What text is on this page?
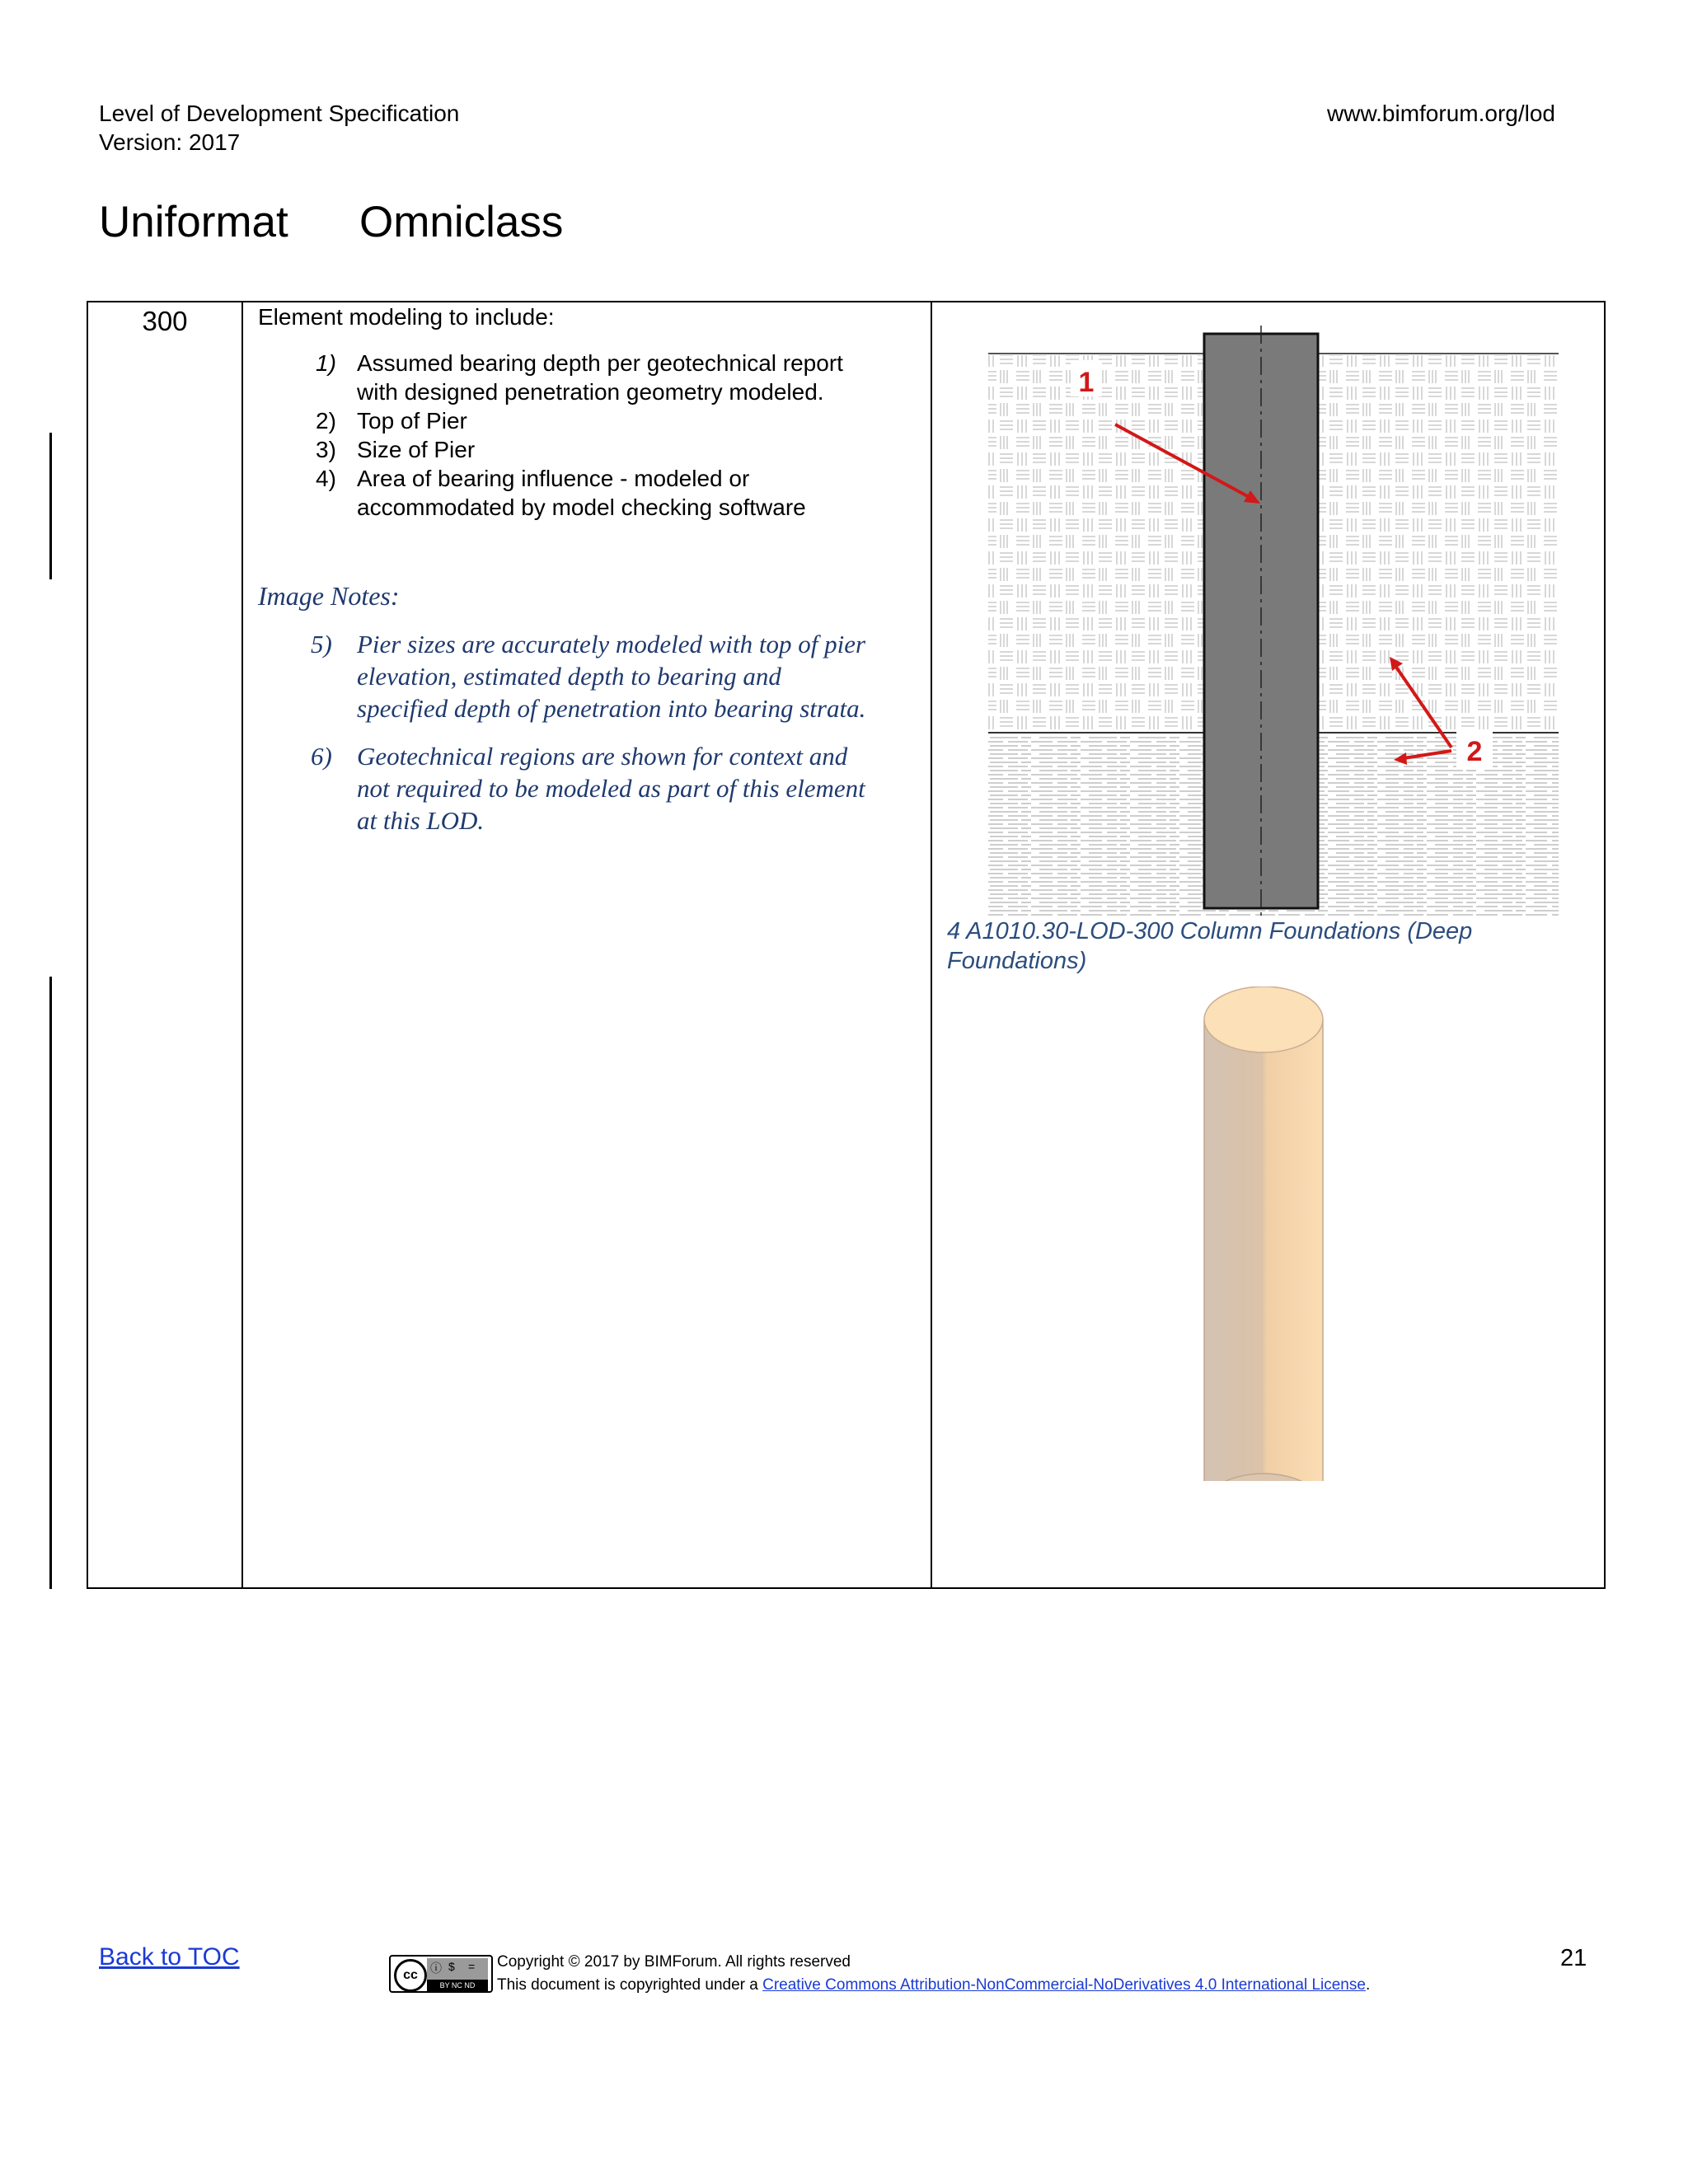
Level of Development Specification
Version: 2017
www.bimforum.org/lod
Uniformat Omniclass
300	Element modeling to include:
1) Assumed bearing depth per geotechnical report
with designed penetration geometry modeled.
2) Top of Pier
3) Size of Pier
4) Area of bearing influence - modeled or
accommodated by model checking software
Image Notes:
5) Pier sizes are accurately modeled with top of pier
elevation, estimated depth to bearing and
specified depth of penetration into bearing strata.
6) Geotechnical regions are shown for context and
not required to be modeled as part of this element
at this LOD.

1
2
4 A1010.30-LOD-300 Column Foundations (Deep
Foundations)
Back to TOC
cc	ⓘ $ =
BY NC ND
Copyright © 2017 by BIMForum. All rights reserved
This document is copyrighted under a Creative Commons Attribution-NonCommercial-NoDerivatives 4.0 International License.
21
